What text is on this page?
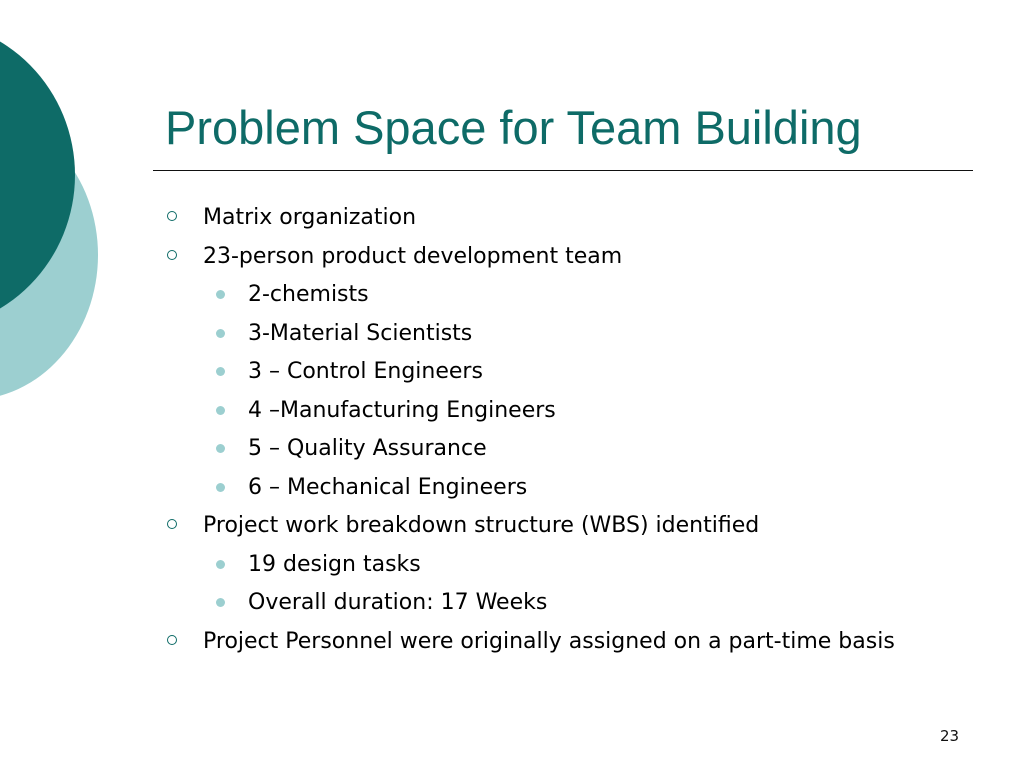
Problem Space for Team Building
Matrix organization
23-person product development team
2-chemists
3-Material Scientists
3 – Control Engineers
4 –Manufacturing Engineers
5 – Quality Assurance
6 – Mechanical Engineers
Project work breakdown structure (WBS) identified
19 design tasks
Overall duration: 17 Weeks
Project Personnel were originally assigned on a part-time basis
23
